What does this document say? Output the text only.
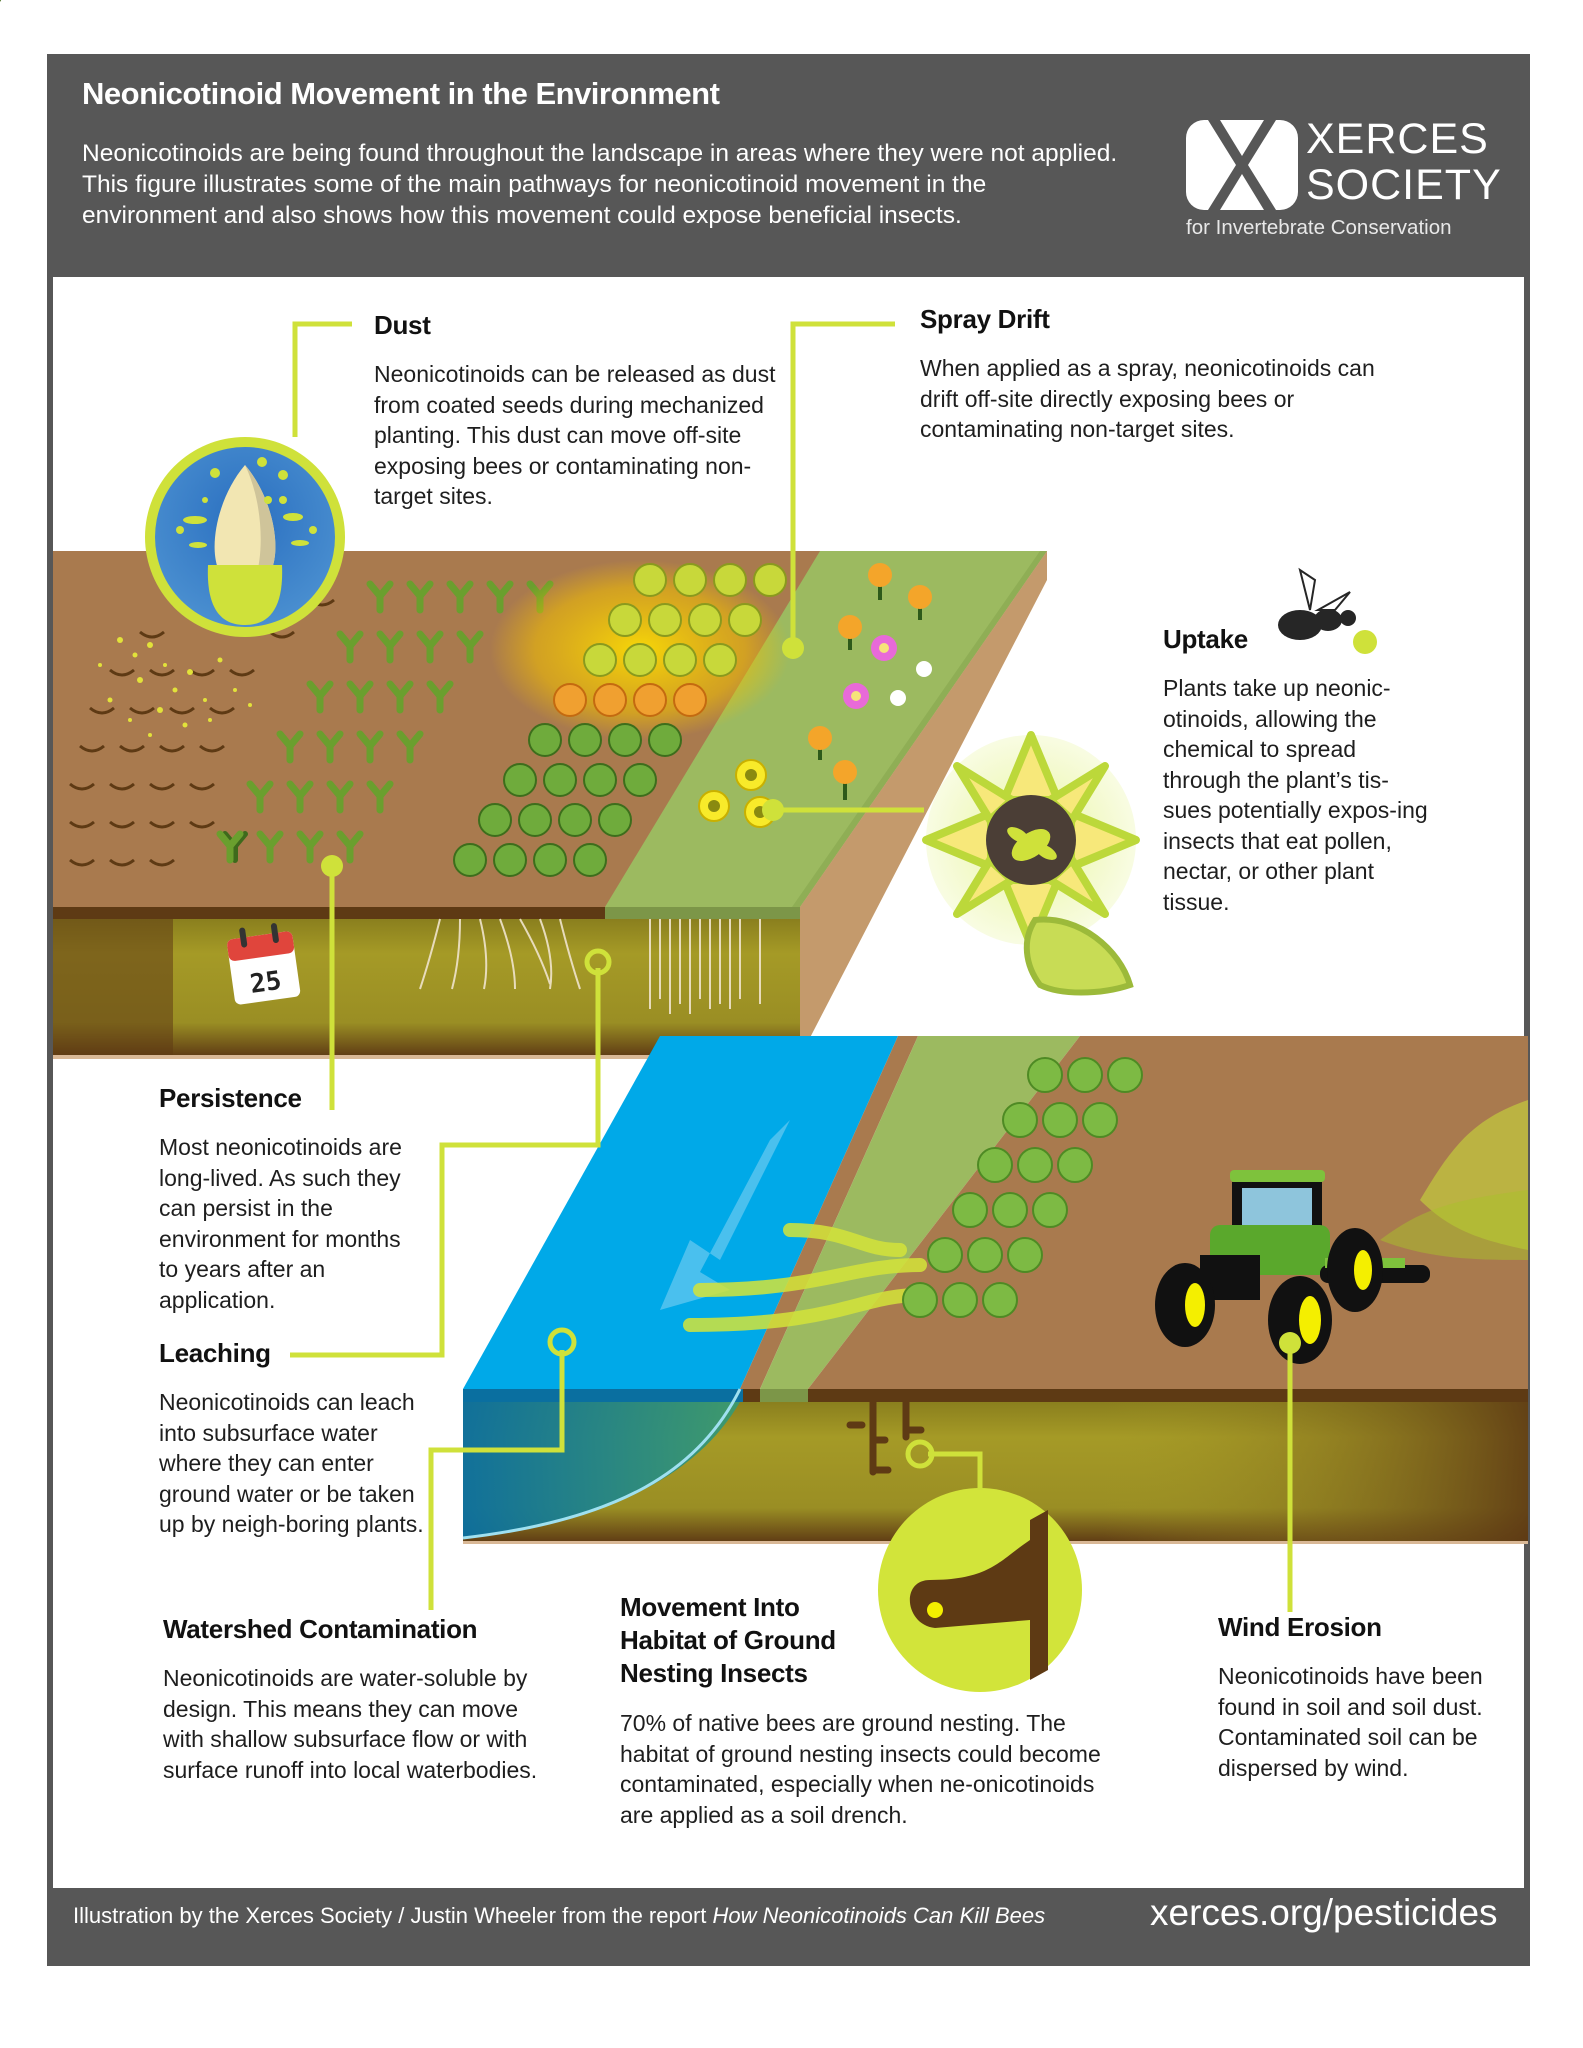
Neonicotinoid Movement in the Environment
Neonicotinoids are being found throughout the landscape in areas where they were not applied. This figure illustrates some of the main pathways for neonicotinoid movement in the environment and also shows how this movement could expose beneficial insects.
XERCES
SOCIETY
for Invertebrate Conservation
25
Dust

Neonicotinoids can be released as dust from coated seeds during mechanized planting. This dust can move off-site exposing bees or contaminating non-target sites.

Spray Drift

When applied as a spray, neonicotinoids can drift off-site directly exposing bees or contaminating non-target sites.

Uptake

Plants take up neonic-otinoids, allowing the chemical to spread through the plant’s tis-sues potentially expos-ing insects that eat pollen, nectar, or other plant tissue.

Persistence

Most neonicotinoids are long-lived. As such they can persist in the environment for months to years after an application.

Leaching

Neonicotinoids can leach into subsurface water where they can enter ground water or be taken up by neigh-boring plants.

Watershed Contamination

Neonicotinoids are water-soluble by design. This means they can move with shallow subsurface flow or with surface runoff into local waterbodies.

Movement Into Habitat of Ground Nesting Insects

70% of native bees are ground nesting. The habitat of ground nesting insects could become contaminated, especially when ne-onicotinoids are applied as a soil drench.

Wind Erosion

Neonicotinoids have been found in soil and soil dust. Contaminated soil can be dispersed by wind.

Illustration by the Xerces Society / Justin Wheeler from the report How Neonicotinoids Can Kill Bees	xerces.org/pesticides
